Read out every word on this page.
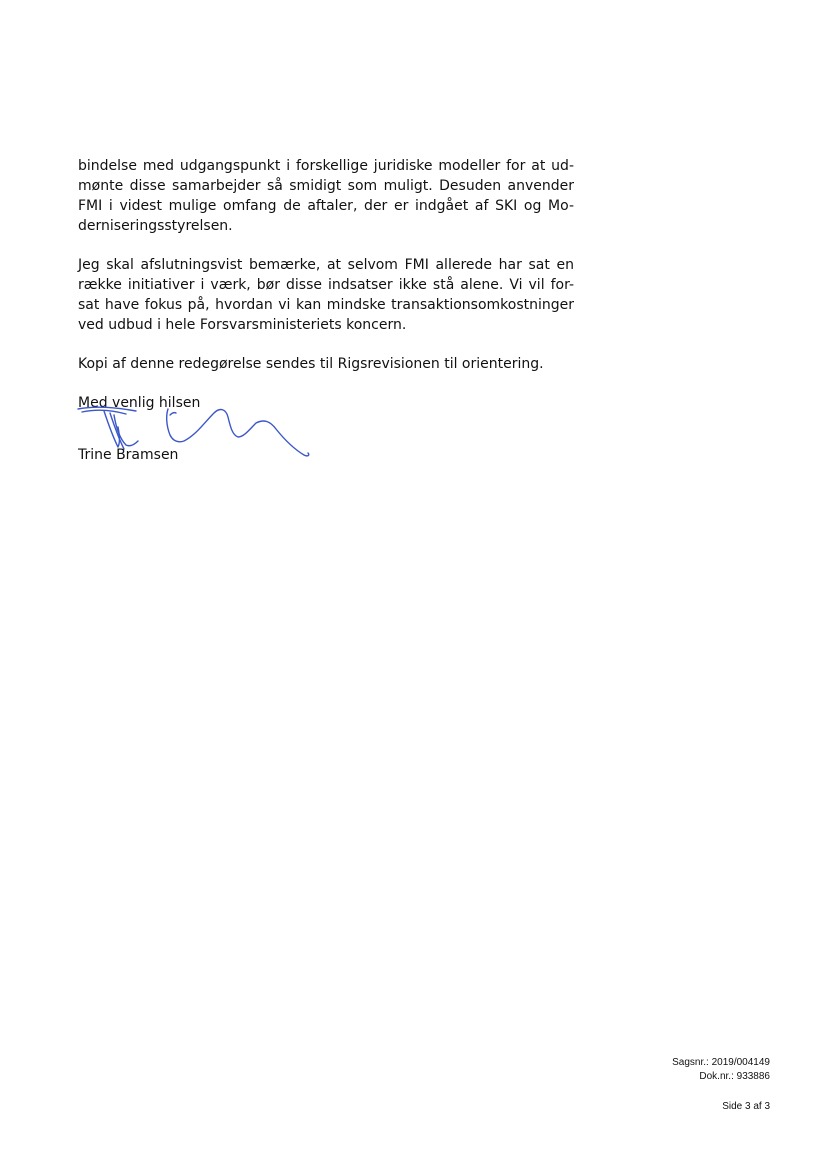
bindelse med udgangspunkt i forskellige juridiske modeller for at ud-
mønte disse samarbejder så smidigt som muligt. Desuden anvender
FMI i videst mulige omfang de aftaler, der er indgået af SKI og Mo-
derniseringsstyrelsen.

Jeg skal afslutningsvist bemærke, at selvom FMI allerede har sat en
række initiativer i værk, bør disse indsatser ikke stå alene. Vi vil for-
sat have fokus på, hvordan vi kan mindske transaktionsomkostninger
ved udbud i hele Forsvarsministeriets koncern.

Kopi af denne redegørelse sendes til Rigsrevisionen til orientering.

Med venlig hilsen

Trine Bramsen
Sagsnr.: 2019/004149
Dok.nr.: 933886
Side 3 af 3
